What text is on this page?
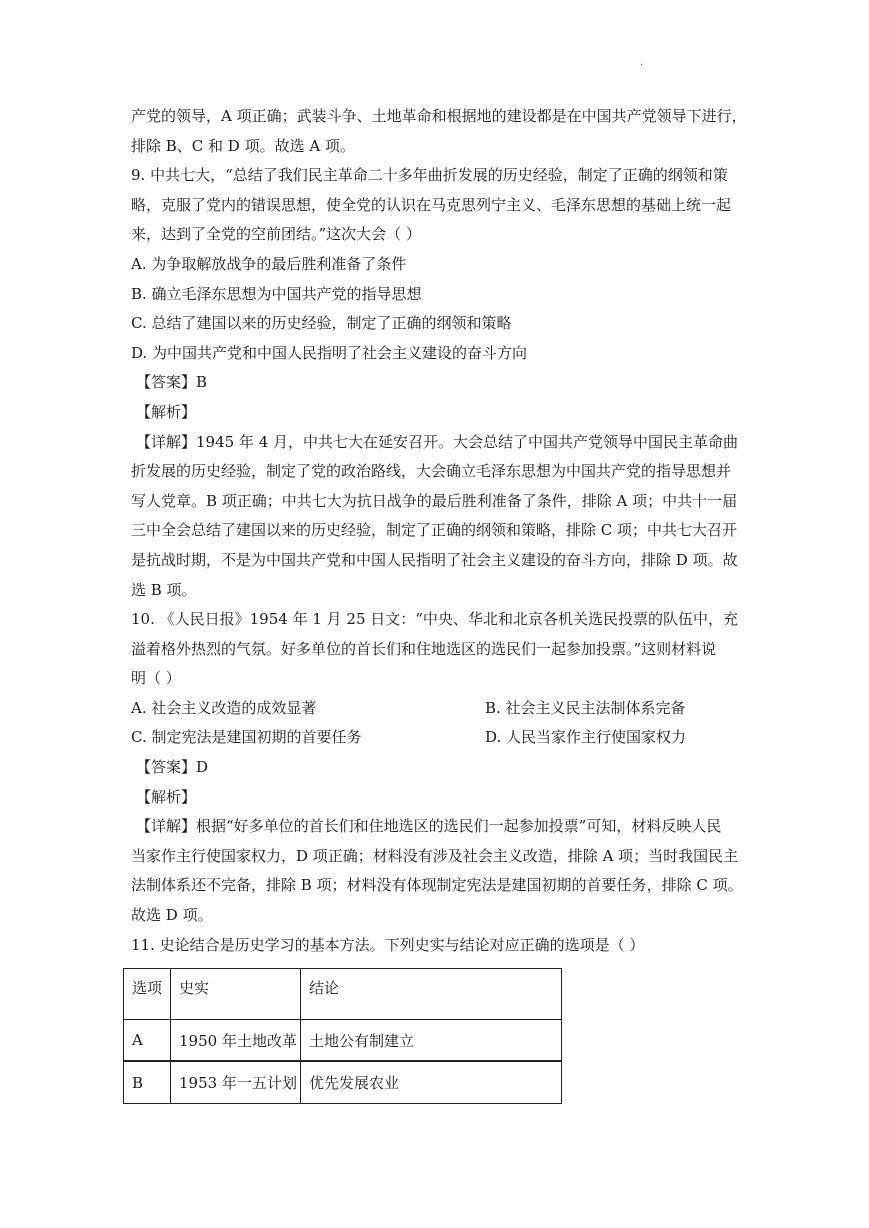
.
产党的领导，A 项正确；武装斗争、土地革命和根据地的建设都是在中国共产党领导下进行，
排除 B、C 和 D 项。故选 A 项。
9. 中共七大，“总结了我们民主革命二十多年曲折发展的历史经验，制定了正确的纲领和策
略，克服了党内的错误思想，使全党的认识在马克思列宁主义、毛泽东思想的基础上统一起
来，达到了全党的空前团结。”这次大会（ ）
A. 为争取解放战争的最后胜利准备了条件
B. 确立毛泽东思想为中国共产党的指导思想
C. 总结了建国以来的历史经验，制定了正确的纲领和策略
D. 为中国共产党和中国人民指明了社会主义建设的奋斗方向
【答案】B
【解析】
【详解】1945 年 4 月，中共七大在延安召开。大会总结了中国共产党领导中国民主革命曲
折发展的历史经验，制定了党的政治路线，大会确立毛泽东思想为中国共产党的指导思想并
写人党章。B 项正确；中共七大为抗日战争的最后胜利准备了条件，排除 A 项；中共十一届
三中全会总结了建国以来的历史经验，制定了正确的纲领和策略，排除 C 项；中共七大召开
是抗战时期，不是为中国共产党和中国人民指明了社会主义建设的奋斗方向，排除 D 项。故
选 B 项。
10. 《人民日报》1954 年 1 月 25 日文：“中央、华北和北京各机关选民投票的队伍中，充
溢着格外热烈的气氛。好多单位的首长们和住地选区的选民们一起参加投票。”这则材料说
明（ ）
A. 社会主义改造的成效显著	B. 社会主义民主法制体系完备
C. 制定宪法是建国初期的首要任务	D. 人民当家作主行使国家权力
【答案】D
【解析】
【详解】根据“好多单位的首长们和住地选区的选民们一起参加投票”可知，材料反映人民
当家作主行使国家权力，D 项正确；材料没有涉及社会主义改造，排除 A 项；当时我国民主
法制体系还不完备，排除 B 项；材料没有体现制定宪法是建国初期的首要任务，排除 C 项。
故选 D 项。
11. 史论结合是历史学习的基本方法。下列史实与结论对应正确的选项是（ ）
选项	史实	结论
A	1950 年土地改革	土地公有制建立
B	1953 年一五计划	优先发展农业
